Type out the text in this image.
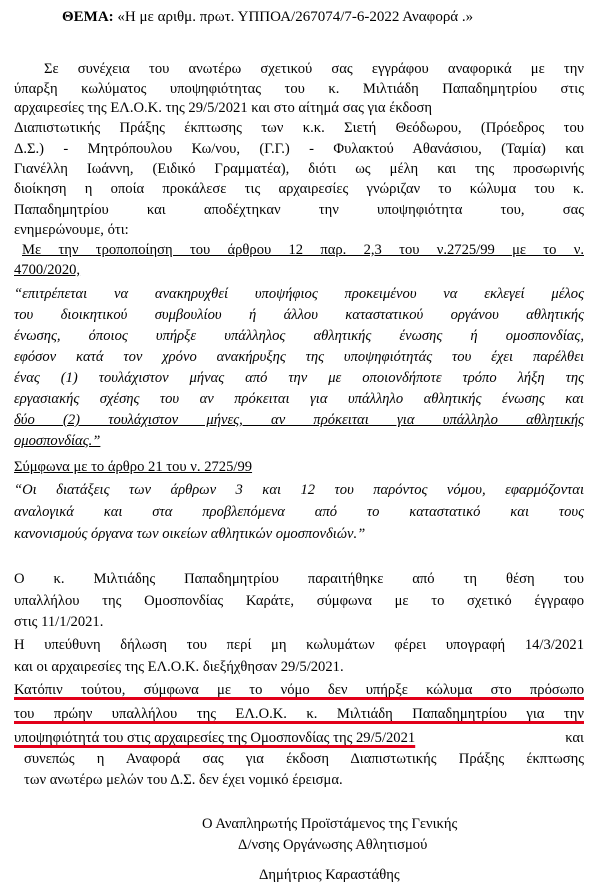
ΘΕΜΑ: «Η με αριθμ. πρωτ. ΥΠΠΟΑ/267074/7-6-2022 Αναφορά .»
Σε συνέχεια του ανωτέρω σχετικού σας εγγράφου αναφορικά με την
ύπαρξη κωλύματος υποψηφιότητας του κ. Μιλτιάδη Παπαδημητρίου στις
αρχαιρεσίες της ΕΛ.Ο.Κ. της 29/5/2021 και στο αίτημά σας για έκδοση
Διαπιστωτικής Πράξης έκπτωσης των κ.κ. Σιετή Θεόδωρου, (Πρόεδρος του
Δ.Σ.) - Μητρόπουλου Κω/νου, (Γ.Γ.) - Φυλακτού Αθανάσιου, (Ταμία) και
Γιανέλλη Ιωάννη, (Ειδικό Γραμματέα), διότι ως μέλη και της προσωρινής
διοίκηση η οποία προκάλεσε τις αρχαιρεσίες γνώριζαν το κώλυμα του κ.
Παπαδημητρίου και αποδέχτηκαν την υποψηφιότητα του, σας
ενημερώνουμε, ότι:
Με την τροποποίηση του άρθρου 12 παρ. 2,3 του ν.2725/99 με το ν.
4700/2020,
“επιτρέπεται να ανακηρυχθεί υποψήφιος προκειμένου να εκλεγεί μέλος
του διοικητικού συμβουλίου ή άλλου καταστατικού οργάνου αθλητικής
ένωσης, όποιος υπήρξε υπάλληλος αθλητικής ένωσης ή ομοσπονδίας,
εφόσον κατά τον χρόνο ανακήρυξης της υποψηφιότητάς του έχει παρέλθει
ένας (1) τουλάχιστον μήνας από την με οποιονδήποτε τρόπο λήξη της
εργασιακής σχέσης του αν πρόκειται για υπάλληλο αθλητικής ένωσης και
δύο (2) τουλάχιστον μήνες, αν πρόκειται για υπάλληλο αθλητικής
ομοσπονδίας.”
Σύμφωνα με το άρθρο 21 του ν. 2725/99
“Οι διατάξεις των άρθρων 3 και 12 του παρόντος νόμου, εφαρμόζονται
αναλογικά και στα προβλεπόμενα από το καταστατικό και τους
κανονισμούς όργανα των οικείων αθλητικών ομοσπονδιών.”
Ο κ. Μιλτιάδης Παπαδημητρίου παραιτήθηκε από τη θέση του
υπαλλήλου της Ομοσπονδίας Καράτε, σύμφωνα με το σχετικό έγγραφο
στις 11/1/2021.
Η υπεύθυνη δήλωση του περί μη κωλυμάτων φέρει υπογραφή 14/3/2021
και οι αρχαιρεσίες της ΕΛ.Ο.Κ. διεξήχθησαν 29/5/2021.
Κατόπιν τούτου, σύμφωνα με το νόμο δεν υπήρξε κώλυμα στο πρόσωπο
του πρώην υπαλλήλου της ΕΛ.Ο.Κ. κ. Μιλτιάδη Παπαδημητρίου για την
υποψηφιότητά του στις αρχαιρεσίες της Ομοσπονδίας της 29/5/2021	και
συνεπώς η Αναφορά σας για έκδοση Διαπιστωτικής Πράξης έκπτωσης
των ανωτέρω μελών του Δ.Σ. δεν έχει νομικό έρεισμα.
Ο Αναπληρωτής Προϊστάμενος της Γενικής
Δ/νσης Οργάνωσης Αθλητισμού
Δημήτριος Καραστάθης
